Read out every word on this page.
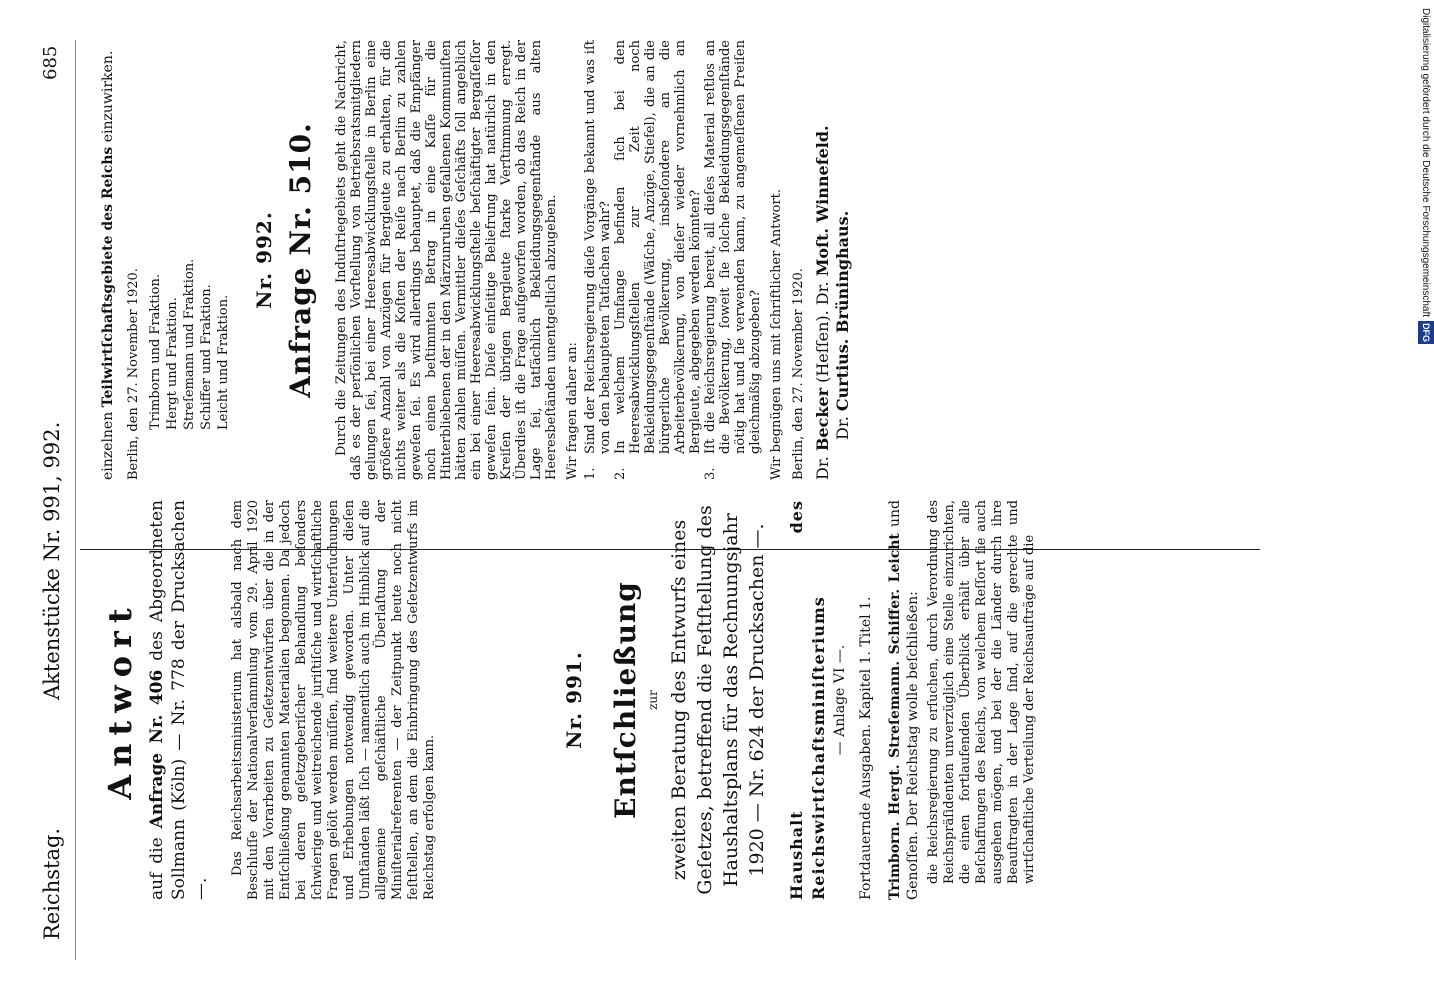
Reichstag.
Aktenstücke Nr. 991, 992.
685
Antwort

auf die Anfrage Nr. 406 des Abgeordneten Sollmann (Köln) — Nr. 778 der Drucksachen —.

Das Reichsarbeitsministerium hat alsbald nach dem Beschluſſe der Nationalverſammlung vom 29. April 1920 mit den Vorarbeiten zu Geſetzentwürfen über die in der Entſchließung genannten Materialien begonnen. Da jedoch bei deren geſetzgeberiſcher Behandlung beſonders ſchwierige und weitreichende juriſtiſche und wirtſchaftliche Fragen gelöſt werden müſſen, ſind weitere Unterſuchungen und Erhebungen notwendig geworden. Unter dieſen Umſtänden läßt ſich — namentlich auch im Hinblick auf die allgemeine geſchäftliche Überlaſtung der Miniſterialreferenten — der Zeitpunkt heute noch nicht feſtſtellen, an dem die Einbringung des Geſetzentwurfs im Reichstag erfolgen kann.

Nr. 991. Entſchließung zur zweiten Beratung des Entwurfs eines Geſetzes, betreffend die Feſtſtellung des Haushaltsplans für das Rechnungsjahr 1920 — Nr. 624 der Drucksachen —. Haushalt des Reichswirtſchaftsminiſteriums — Anlage VI —. Fortdauernde Ausgaben. Kapitel 1. Titel 1. Trimborn. Hergt. Streſemann. Schiffer. Leicht und Genoſſen. Der Reichstag wolle beſchließen: die Reichsregierung zu erſuchen, durch Verordnung des Reichspräſidenten unverzüglich eine Stelle einzurichten, die einen fortlaufenden Überblick erhält über alle Beſchaffungen des Reichs, von welchem Reſſort ſie auch ausgehen mögen, und bei der die Länder durch ihre Beauftragten in der Lage ſind, auf die gerechte und wirtſchaftliche Verteilung der Reichsaufträge auf die

einzelnen Teilwirtſchaftsgebiete des Reichs einzuwirken.

Berlin, den 27. November 1920. Trimborn und Fraktion. Hergt und Fraktion. Streſemann und Fraktion. Schiffer und Fraktion. Leicht und Fraktion.
Nr. 992. Anfrage Nr. 510. Durch die Zeitungen des Induſtriegebiets geht die Nachricht, daß es der perſönlichen Vorſtellung von Betriebsratsmitgliedern gelungen ſei, bei einer Heeresabwicklungsſtelle in Berlin eine größere Anzahl von Anzügen für Bergleute zu erhalten, für die nichts weiter als die Koſten der Reiſe nach Berlin zu zahlen geweſen ſei. Es wird allerdings behauptet, daß die Empfänger noch einen beſtimmten Betrag in eine Kaſſe für die Hinterbliebenen der in den Märzunruhen gefallenen Kommuniſten hätten zahlen müſſen. Vermittler dieſes Geſchäfts ſoll angeblich ein bei einer Heeresabwicklungsſtelle beſchäftigter Bergaſſeſſor geweſen ſein. Dieſe einſeitige Beliefrung hat natürlich in den Kreiſen der übrigen Bergleute ſtarke Verſtimmung erregt. Überdies iſt die Frage aufgeworfen worden, ob das Reich in der Lage ſei, tatſächlich Bekleidungsgegenſtände aus alten Heeresbeſtänden unentgeltlich abzugeben. Wir fragen daher an: 1.
Sind der Reichsregierung dieſe Vorgänge bekannt und was iſt von den behaupteten Tatſachen wahr?
2.
In welchem Umfange befinden ſich bei den Heeresabwicklungsſtellen zur Zeit noch Bekleidungsgegenſtände (Wäſche, Anzüge, Stiefel), die an die bürgerliche Bevölkerung, insbeſondere an die Arbeiterbevölkerung, von dieſer wieder vornehmlich an Bergleute, abgegeben werden könnten?
3.
Iſt die Reichsregierung bereit, all dieſes Material reſtlos an die Bevölkerung, ſoweit ſie ſolche Bekleidungsgegenſtände nötig hat und ſie verwenden kann, zu angemeſſenen Preiſen gleichmäßig abzugeben? Wir begnügen uns mit ſchriftlicher Antwort. Berlin, den 27. November 1920. Dr. Becker (Heſſen). Dr. Moſt. Winnefeld.

Dr. Curtius. Brüninghaus.	Digitalisierung gefördert durch die Deutsche ForschungsgemeinschaftDFG
